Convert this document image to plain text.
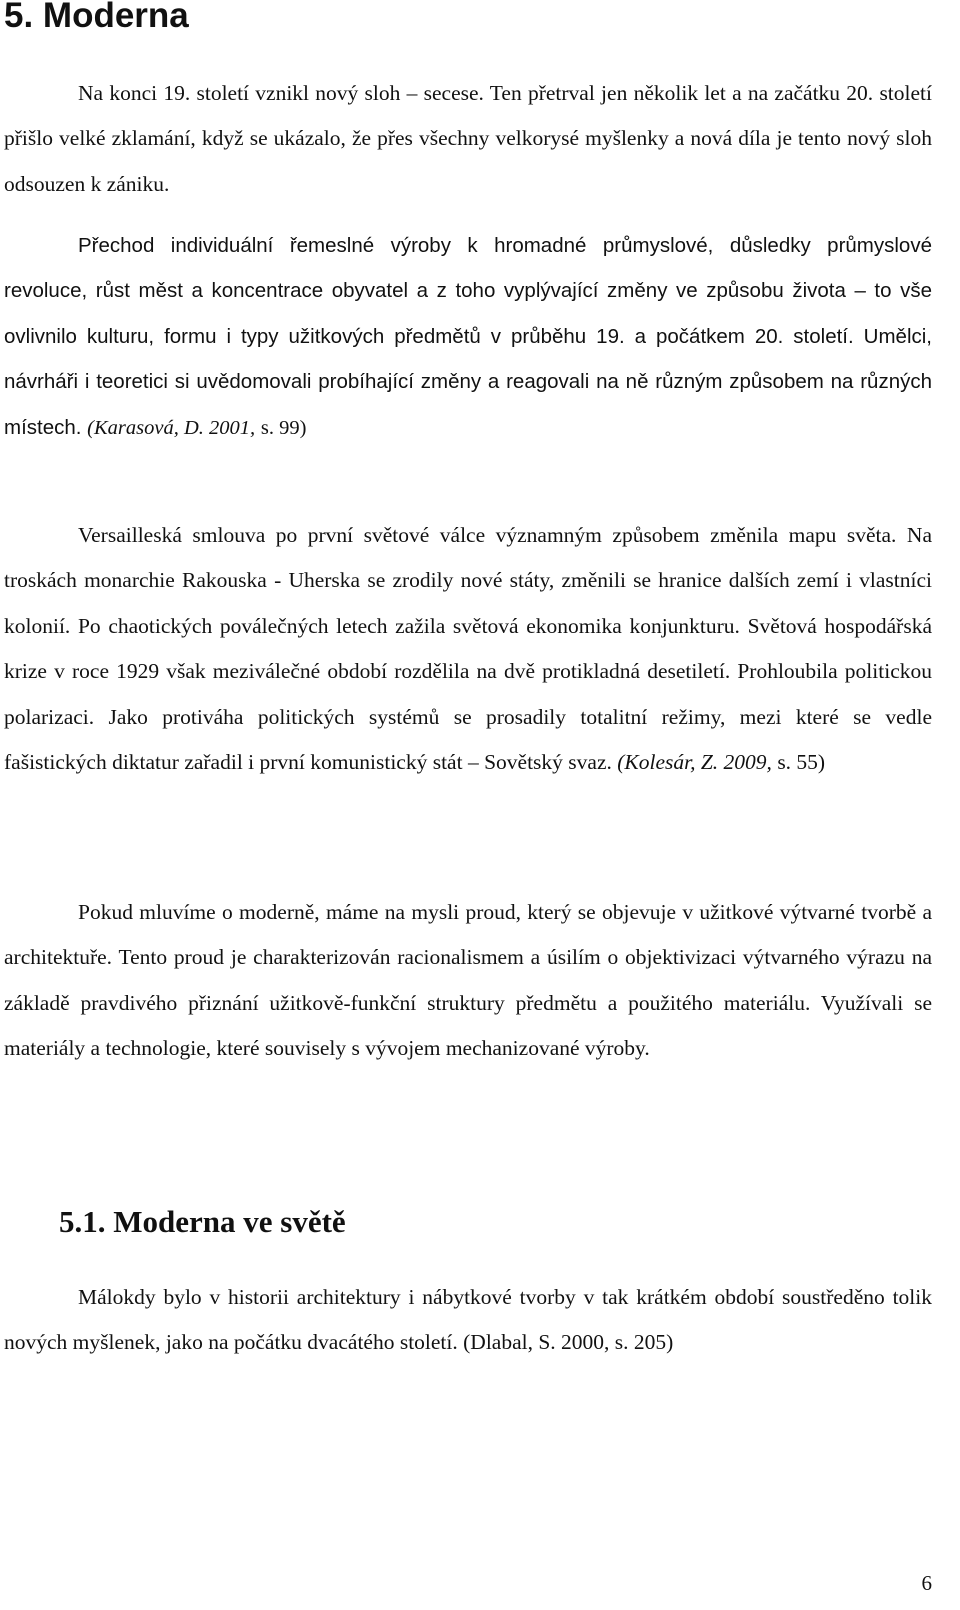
5. Moderna

Na konci 19. století vznikl nový sloh – secese. Ten přetrval jen několik let a na začátku 20. století přišlo velké zklamání, když se ukázalo, že přes všechny velkorysé myšlenky a nová díla je tento nový sloh odsouzen k zániku.

Přechod individuální řemeslné výroby k hromadné průmyslové, důsledky průmyslové revoluce, růst měst a koncentrace obyvatel a z toho vyplývající změny ve způsobu života – to vše ovlivnilo kulturu, formu i typy užitkových předmětů v průběhu 19. a počátkem 20. století. Umělci, návrháři i teoretici si uvědomovali probíhající změny a reagovali na ně různým způsobem na různých místech. (Karasová, D. 2001, s. 99)

Versailleská smlouva po první světové válce významným způsobem změnila mapu světa. Na troskách monarchie Rakouska - Uherska se zrodily nové státy, změnili se hranice dalších zemí i vlastníci kolonií. Po chaotických poválečných letech zažila světová ekonomika konjunkturu. Světová hospodářská krize v roce 1929 však meziválečné období rozdělila na dvě protikladná desetiletí. Prohloubila politickou polarizaci. Jako protiváha politických systémů se prosadily totalitní režimy, mezi které se vedle fašistických diktatur zařadil i první komunistický stát – Sovětský svaz. (Kolesár, Z. 2009, s. 55)

Pokud mluvíme o moderně, máme na mysli proud, který se objevuje v užitkové výtvarné tvorbě a architektuře. Tento proud je charakterizován racionalismem a úsilím o objektivizaci výtvarného výrazu na základě pravdivého přiznání užitkově-funkční struktury předmětu a použitého materiálu. Využívali se materiály a technologie, které souvisely s vývojem mechanizované výroby.

5.1. Moderna ve světě

Málokdy bylo v historii architektury i nábytkové tvorby v tak krátkém období soustředěno tolik nových myšlenek, jako na počátku dvacátého století. (Dlabal, S. 2000, s. 205)

6
